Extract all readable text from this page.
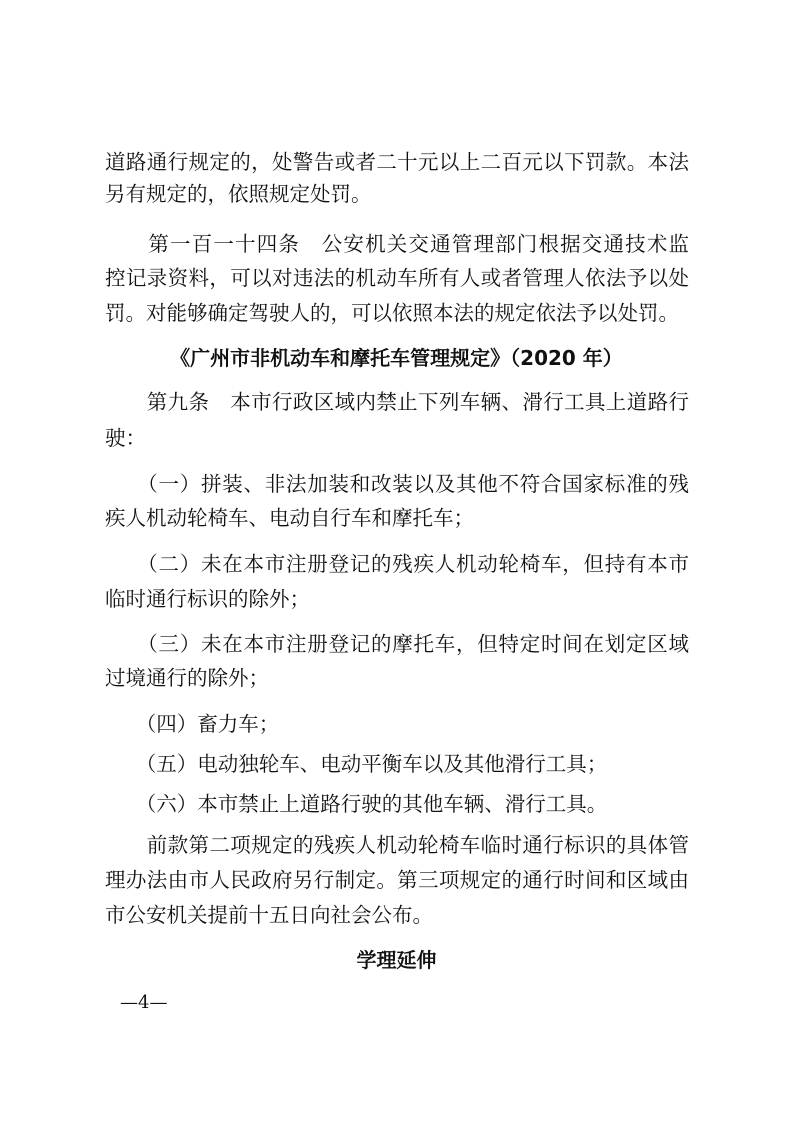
道路通行规定的，处警告或者二十元以上二百元以下罚款。本法
另有规定的，依照规定处罚。
　　第一百一十四条　公安机关交通管理部门根据交通技术监
控记录资料，可以对违法的机动车所有人或者管理人依法予以处
罚。对能够确定驾驶人的，可以依照本法的规定依法予以处罚。
《广州市非机动车和摩托车管理规定》（2020 年）
　　第九条　本市行政区域内禁止下列车辆、滑行工具上道路行
驶：
　　（一）拼装、非法加装和改装以及其他不符合国家标准的残
疾人机动轮椅车、电动自行车和摩托车；
　　（二）未在本市注册登记的残疾人机动轮椅车，但持有本市
临时通行标识的除外；
　　（三）未在本市注册登记的摩托车，但特定时间在划定区域
过境通行的除外；
　　（四）畜力车；
　　（五）电动独轮车、电动平衡车以及其他滑行工具；
　　（六）本市禁止上道路行驶的其他车辆、滑行工具。
　　前款第二项规定的残疾人机动轮椅车临时通行标识的具体管
理办法由市人民政府另行制定。第三项规定的通行时间和区域由
市公安机关提前十五日向社会公布。
学理延伸
—4—
